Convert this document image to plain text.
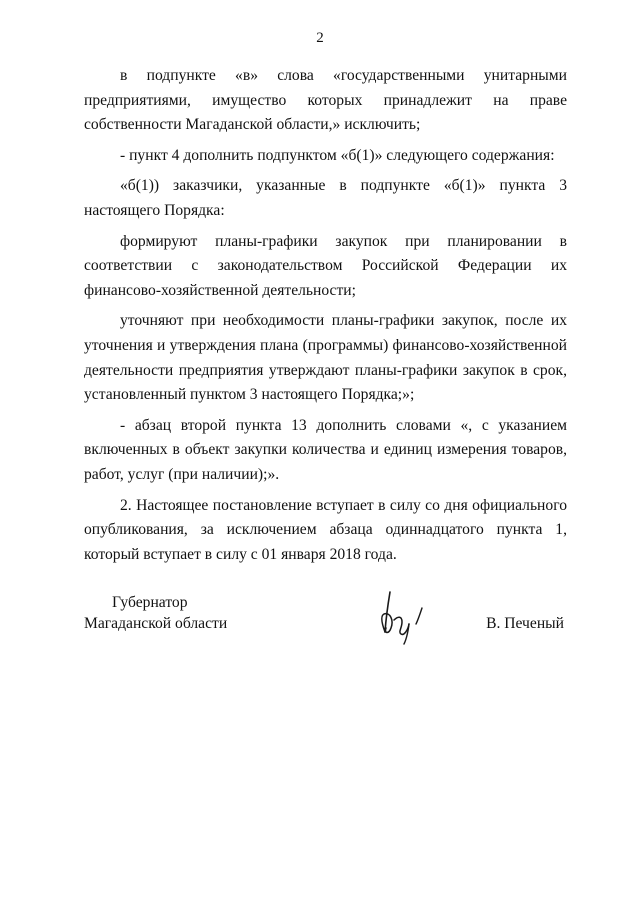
2

в подпункте «в» слова «государственными унитарными предприятиями, имущество которых принадлежит на праве собственности Магаданской области,» исключить;

- пункт 4 дополнить подпунктом «б(1)» следующего содержания:

«б(1)) заказчики, указанные в подпункте «б(1)» пункта 3 настоящего Порядка:

формируют планы-графики закупок при планировании в соответствии с законодательством Российской Федерации их финансово-хозяйственной деятельности;

уточняют при необходимости планы-графики закупок, после их уточнения и утверждения плана (программы) финансово-хозяйственной деятельности предприятия утверждают планы-графики закупок в срок, установленный пунктом 3 настоящего Порядка;»;

- абзац второй пункта 13 дополнить словами «, с указанием включенных в объект закупки количества и единиц измерения товаров, работ, услуг (при наличии);».

2. Настоящее постановление вступает в силу со дня официального опубликования, за исключением абзаца одиннадцатого пункта 1, который вступает в силу с 01 января 2018 года.

Губернатор
Магаданской области	В. Печеный
